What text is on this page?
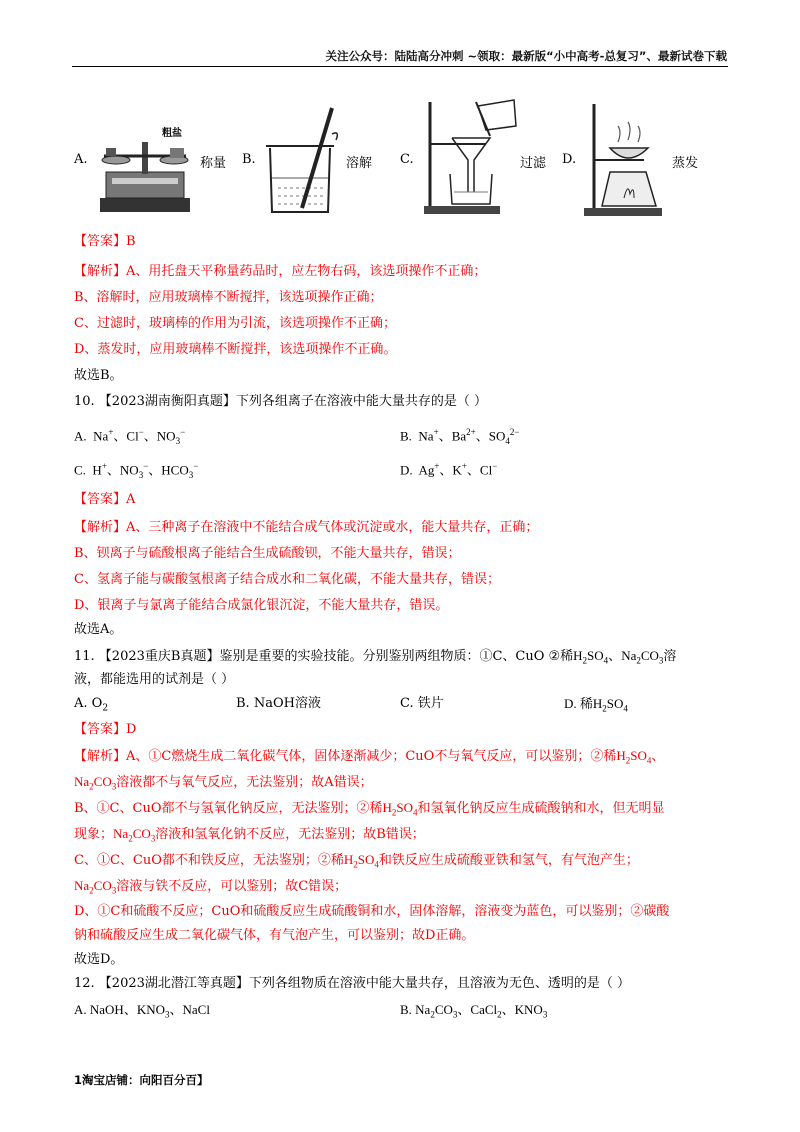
关注公众号：陆陆高分冲刺 ~领取：最新版“小中高考-总复习”、最新试卷下载
A.
粗盐
称量 B.	溶解 C.	过滤 D.	蒸发
【答案】B
【解析】A、用托盘天平称量药品时，应左物右码，该选项操作不正确；
B、溶解时，应用玻璃棒不断搅拌，该选项操作正确；
C、过滤时，玻璃棒的作用为引流，该选项操作不正确；
D、蒸发时，应用玻璃棒不断搅拌，该选项操作不正确。
故选B。
10. 【2023湖南衡阳真题】下列各组离子在溶液中能大量共存的是（ ）
A. Na+、Cl−、$NO_3^-$	B. Na+、$Ba^{2+}$、$SO_4^{2-}$
C. H+、$NO_3^-$、$HCO_3^-$	D. Ag+、K+、Cl−
【答案】A
【解析】A、三种离子在溶液中不能结合成气体或沉淀或水，能大量共存，正确；
B、钡离子与硫酸根离子能结合生成硫酸钡，不能大量共存，错误；
C、氢离子能与碳酸氢根离子结合成水和二氧化碳，不能大量共存，错误；
D、银离子与氯离子能结合成氯化银沉淀，不能大量共存，错误。
故选A。
11. 【2023重庆B真题】鉴别是重要的实验技能。分别鉴别两组物质：①C、CuO ②稀$H_2SO_4$、$Na_2CO_3$溶
液，都能选用的试剂是（ ）
A. $O_2$	B. NaOH溶液	C. 铁片	D. 稀$H_2SO_4$
【答案】D
【解析】A、①C燃烧生成二氧化碳气体，固体逐渐减少；CuO不与氧气反应，可以鉴别；②稀$H_2SO_4$、
$Na_2CO_3$溶液都不与氧气反应，无法鉴别；故A错误；
B、①C、CuO都不与氢氧化钠反应，无法鉴别；②稀$H_2SO_4$和氢氧化钠反应生成硫酸钠和水，但无明显
现象；$Na_2CO_3$溶液和氢氧化钠不反应，无法鉴别；故B错误；
C、①C、CuO都不和铁反应，无法鉴别；②稀$H_2SO_4$和铁反应生成硫酸亚铁和氢气，有气泡产生；
$Na_2CO_3$溶液与铁不反应，可以鉴别；故C错误；
D、①C和硫酸不反应；CuO和硫酸反应生成硫酸铜和水，固体溶解，溶液变为蓝色，可以鉴别；②碳酸
钠和硫酸反应生成二氧化碳气体，有气泡产生，可以鉴别；故D正确。
故选D。
12. 【2023湖北潜江等真题】下列各组物质在溶液中能大量共存，且溶液为无色、透明的是（ ）
A. NaOH、$KNO_3$、NaCl	B. $Na_2CO_3$、CaCl$_2$、$KNO_3$
1淘宝店铺：向阳百分百】
